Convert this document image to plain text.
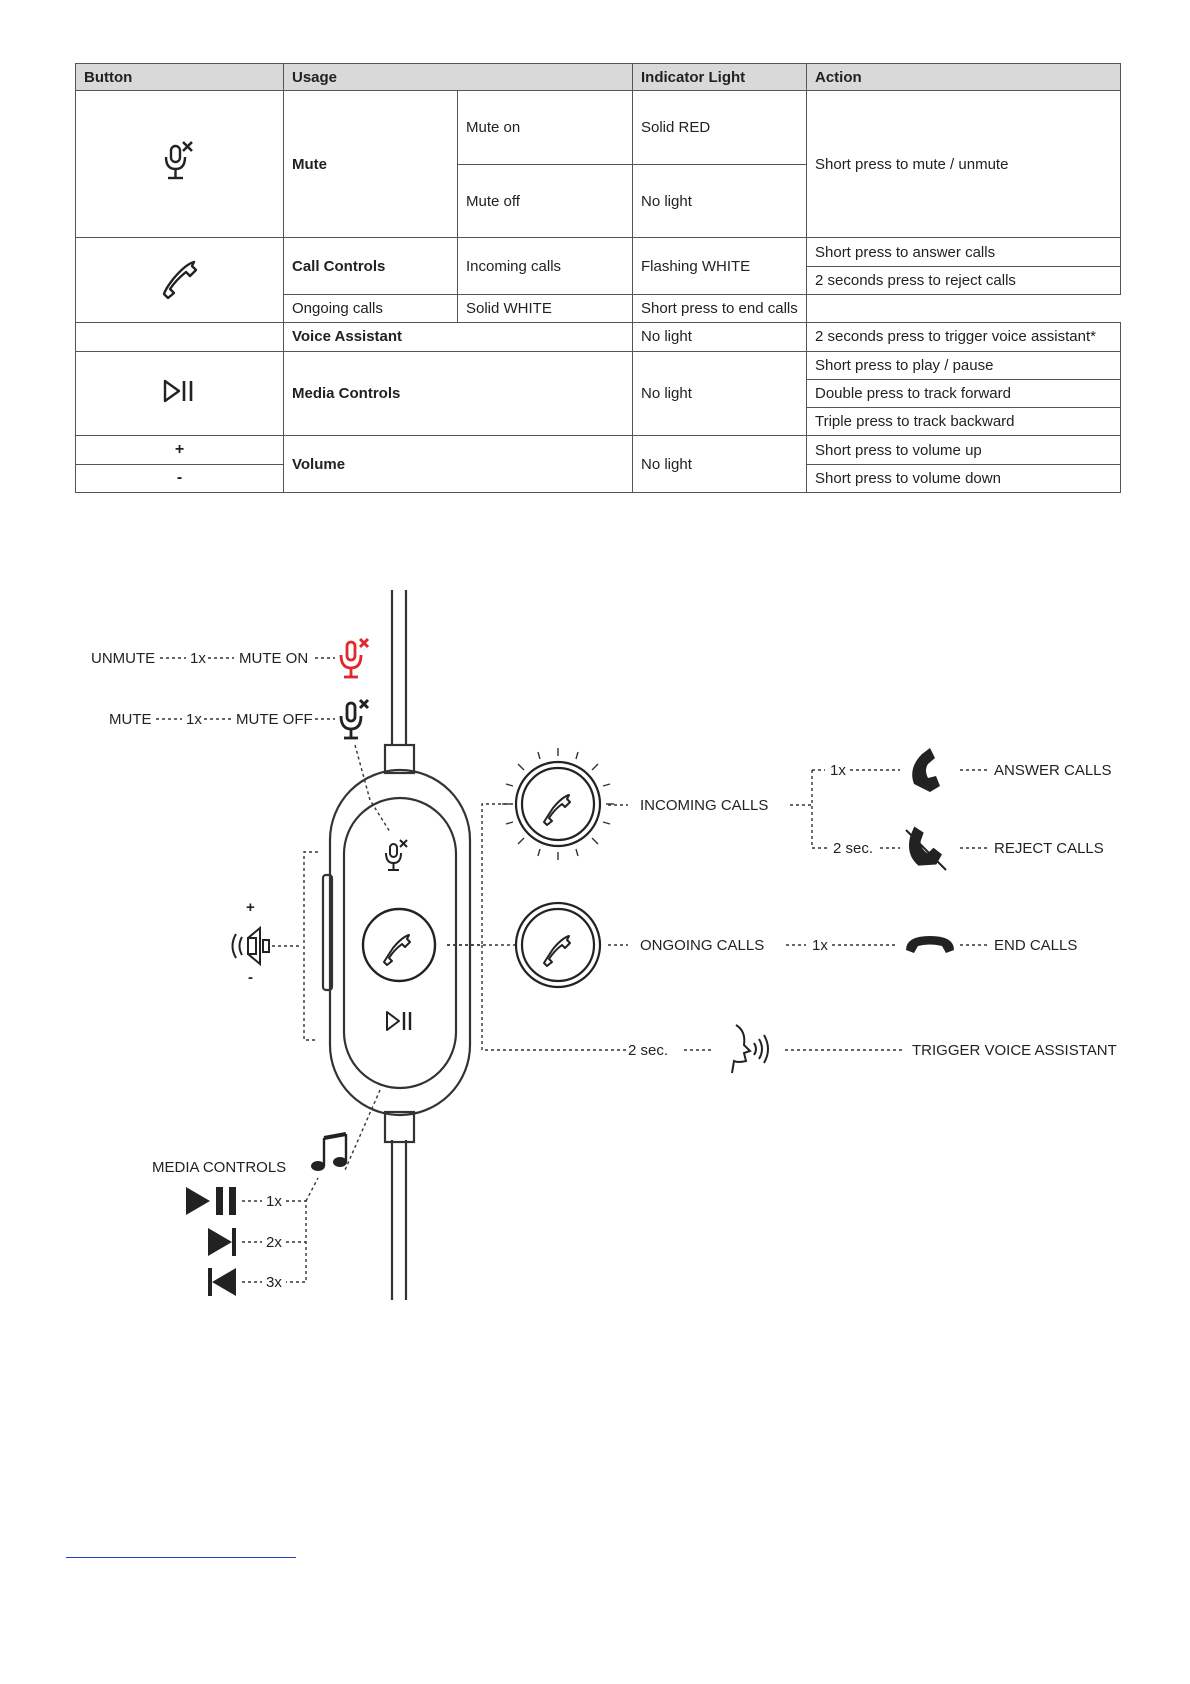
Button	Usage		Indicator Light	Action
	Mute	Mute on	Solid RED	Short press to mute / unmute
		Mute off	No light	
	Call Controls	Incoming calls	Flashing WHITE	Short press to answer calls
				2 seconds press to reject calls
	Ongoing calls	Solid WHITE	Short press to end calls	
	Voice Assistant		No light	2 seconds press to trigger voice assistant*
	Media Controls		No light	Short press to play / pause
				Double press to track forward
				Triple press to track backward
+	Volume		No light	Short press to volume up
-				Short press to volume down
UNMUTE 1x MUTE ON
MUTE 1x MUTE OFF
+
-
INCOMING CALLS
1x	ANSWER CALLS
2 sec.	REJECT CALLS
ONGOING CALLS	1x	END CALLS
2 sec.	TRIGGER VOICE ASSISTANT
MEDIA CONTROLS
1x
2x
3x
